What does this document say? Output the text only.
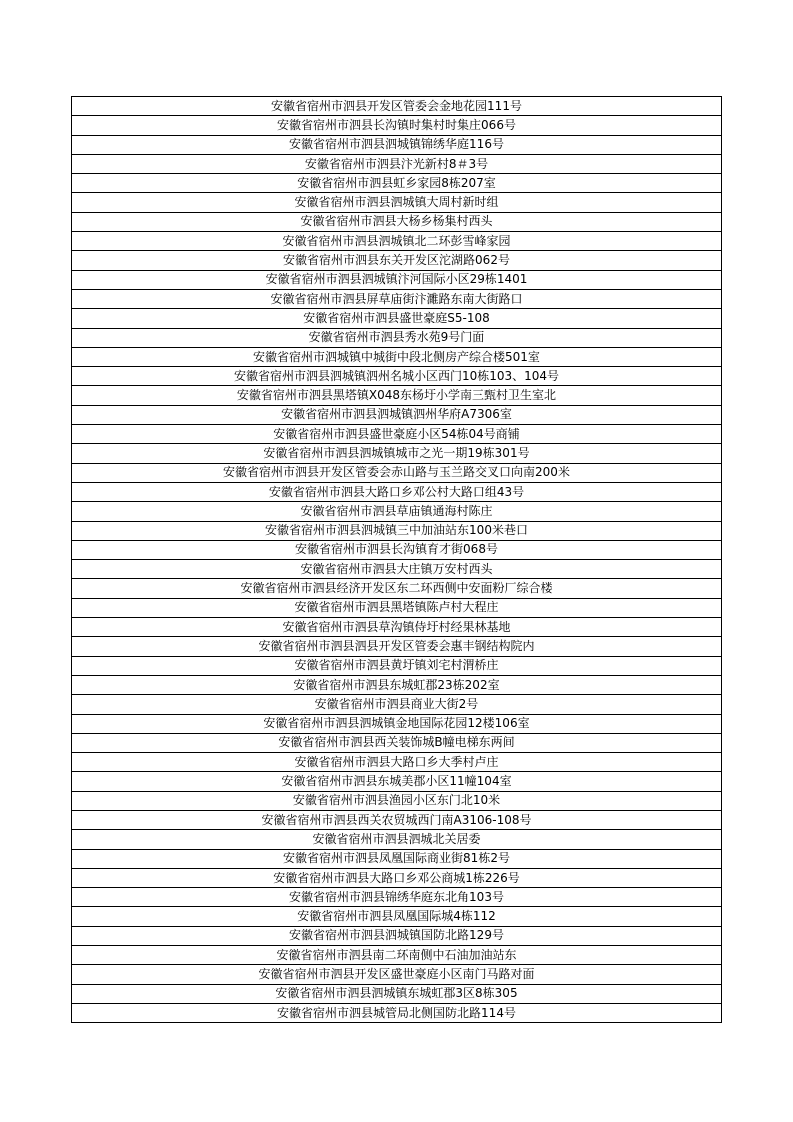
安徽省宿州市泗县开发区管委会金地花园111号
安徽省宿州市泗县长沟镇时集村时集庄066号
安徽省宿州市泗县泗城镇锦绣华庭116号
安徽省宿州市泗县汴光新村8＃3号
安徽省宿州市泗县虹乡家园8栋207室
安徽省宿州市泗县泗城镇大周村新时组
安徽省宿州市泗县大杨乡杨集村西头
安徽省宿州市泗县泗城镇北二环彭雪峰家园
安徽省宿州市泗县东关开发区沱湖路062号
安徽省宿州市泗县泗城镇汴河国际小区29栋1401
安徽省宿州市泗县屏草庙街汴濉路东南大街路口
安徽省宿州市泗县盛世豪庭S5-108
安徽省宿州市泗县秀水苑9号门面
安徽省宿州市泗城镇中城街中段北侧房产综合楼501室
安徽省宿州市泗县泗城镇泗州名城小区西门10栋103、104号
安徽省宿州市泗县黑塔镇X048东杨圩小学南三甄村卫生室北
安徽省宿州市泗县泗城镇泗州华府A7306室
安徽省宿州市泗县盛世豪庭小区54栋04号商铺
安徽省宿州市泗县泗城镇城市之光一期19栋301号
安徽省宿州市泗县开发区管委会赤山路与玉兰路交叉口向南200米
安徽省宿州市泗县大路口乡邓公村大路口组43号
安徽省宿州市泗县草庙镇通海村陈庄
安徽省宿州市泗县泗城镇三中加油站东100米巷口
安徽省宿州市泗县长沟镇育才街068号
安徽省宿州市泗县大庄镇万安村西头
安徽省宿州市泗县经济开发区东二环西侧中安面粉厂综合楼
安徽省宿州市泗县黑塔镇陈卢村大程庄
安徽省宿州市泗县草沟镇侍圩村经果林基地
安徽省宿州市泗县泗县开发区管委会惠丰钢结构院内
安徽省宿州市泗县黄圩镇刘宅村渭桥庄
安徽省宿州市泗县东城虹郡23栋202室
安徽省宿州市泗县商业大街2号
安徽省宿州市泗县泗城镇金地国际花园12楼106室
安徽省宿州市泗县西关装饰城B幢电梯东两间
安徽省宿州市泗县大路口乡大季村卢庄
安徽省宿州市泗县东城美郡小区11幢104室
安徽省宿州市泗县渔园小区东门北10米
安徽省宿州市泗县西关农贸城西门南A3106-108号
安徽省宿州市泗县泗城北关居委
安徽省宿州市泗县凤凰国际商业街81栋2号
安徽省宿州市泗县大路口乡邓公商城1栋226号
安徽省宿州市泗县锦绣华庭东北角103号
安徽省宿州市泗县凤凰国际城4栋112
安徽省宿州市泗县泗城镇国防北路129号
安徽省宿州市泗县南二环南侧中石油加油站东
安徽省宿州市泗县开发区盛世豪庭小区南门马路对面
安徽省宿州市泗县泗城镇东城虹郡3区8栋305
安徽省宿州市泗县城管局北侧国防北路114号
